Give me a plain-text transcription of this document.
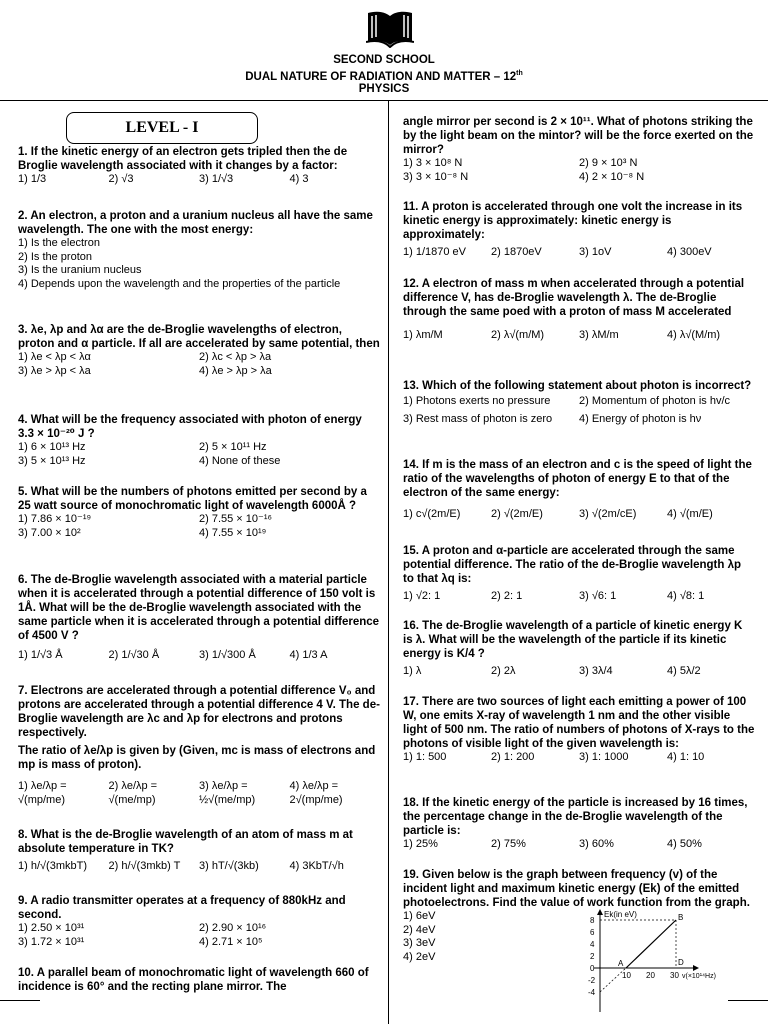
SECOND SCHOOL
DUAL NATURE OF RADIATION AND MATTER – 12th
PHYSICS
LEVEL - I
1. If the kinetic energy of an electron gets tripled then the de Broglie wavelength associated with it changes by a factor:
1) 1/3	2) √3	3) 1/√3	4) 3
2. An electron, a proton and a uranium nucleus all have the same wavelength. The one with the most energy:
1) Is the electron
2) Is the proton
3) Is the uranium nucleus
4) Depends upon the wavelength and the properties of the particle
3. λe, λp and λα are the de-Broglie wavelengths of electron, proton and α particle. If all are accelerated by same potential, then
1) λe < λp < λα	2) λc < λp > λa
3) λe > λp < λa	4) λe > λp > λa
4. What will be the frequency associated with photon of energy 3.3 × 10⁻²⁰ J ?
1) 6 × 10¹³ Hz	2) 5 × 10¹¹ Hz
3) 5 × 10¹³ Hz	4) None of these
5. What will be the numbers of photons emitted per second by a 25 watt source of monochromatic light of wavelength 6000Å ?
1) 7.86 × 10⁻¹⁹	2) 7.55 × 10⁻¹⁶
3) 7.00 × 10²	4) 7.55 × 10¹⁹
6. The de-Broglie wavelength associated with a material particle when it is accelerated through a potential difference of 150 volt is 1Å. What will be the de-Broglie wavelength associated with the same particle when it is accelerated through a potential difference of 4500 V ?
1) 1/√3 Å	2) 1/√30 Å	3) 1/√300 Å	4) 1/3 A
7. Electrons are accelerated through a potential difference V₀ and protons are accelerated through a potential difference 4 V. The de-Broglie wavelength are λc and λp for electrons and protons respectively.
The ratio of λe/λp is given by (Given, mc is mass of electrons and mp is mass of proton).
1) λe/λp = √(mp/me)
2) λe/λp = √(me/mp)
3) λe/λp = ½√(me/mp)
4) λe/λp = 2√(mp/me)
8. What is the de-Broglie wavelength of an atom of mass m at absolute temperature in TK?
1) h/√(3mkbT)	2) h/√(3mkb) T	3) hT/√(3kb)	4) 3KbT/√h
9. A radio transmitter operates at a frequency of 880kHz and second.
1) 2.50 × 10³¹	2) 2.90 × 10¹⁶
3) 1.72 × 10³¹	4) 2.71 × 10⁵
10. A parallel beam of monochromatic light of wavelength 660 of incidence is 60° and the recting plane mirror. The
angle mirror per second is 2 × 10¹¹. What of photons striking the by the light beam on the mintor? will be the force exerted on the mirror?
1) 3 × 10⁸ N	2) 9 × 10³ N
3) 3 × 10⁻⁸ N	4) 2 × 10⁻⁸ N
11. A proton is accelerated through one volt the increase in its kinetic energy is approximately: kinetic energy is approximately:
1) 1/1870 eV	2) 1870eV	3) 1oV	4) 300eV
12. A electron of mass m when accelerated through a potential difference V, has de-Broglie wavelength λ. The de-Broglie through the same poed with a proton of mass M accelerated
1) λm/M	2) λ√(m/M)	3) λM/m	4) λ√(M/m)
13. Which of the following statement about photon is incorrect?
1) Photons exerts no pressure	2) Momentum of photon is hv/c
3) Rest mass of photon is zero	4) Energy of photon is hν
14. If m is the mass of an electron and c is the speed of light the ratio of the wavelengths of photon of energy E to that of the electron of the same energy:
1) c√(2m/E)	2) √(2m/E)	3) √(2m/cE)	4) √(m/E)
15. A proton and α-particle are accelerated through the same potential difference. The ratio of the de-Broglie wavelength λp to that λq is:
1) √2: 1	2) 2: 1	3) √6: 1	4) √8: 1
16. The de-Broglie wavelength of a particle of kinetic energy K is λ. What will be the wavelength of the particle if its kinetic energy is K/4 ?
1) λ	2) 2λ	3) 3λ/4	4) 5λ/2
17. There are two sources of light each emitting a power of 100 W, one emits X-ray of wavelength 1 nm and the other visible light of 500 nm. The ratio of numbers of photons of X-rays to the photons of visible light of the given wavelength is:
1) 1: 500	2) 1: 200	3) 1: 1000	4) 1: 10
18. If the kinetic energy of the particle is increased by 16 times, the percentage change in the de-Broglie wavelength of the particle is:
1) 25%	2) 75%	3) 60%	4) 50%
19. Given below is the graph between frequency (v) of the incident light and maximum kinetic energy (Ek) of the emitted photoelectrons. Find the value of work function from the graph.
1) 6eV
2) 4eV
3) 3eV
4) 2eV
Ek(in eV)
8
6
4
2
0
-2
-4
10 20 30 v(×10¹⁴Hz)
A
B
D
